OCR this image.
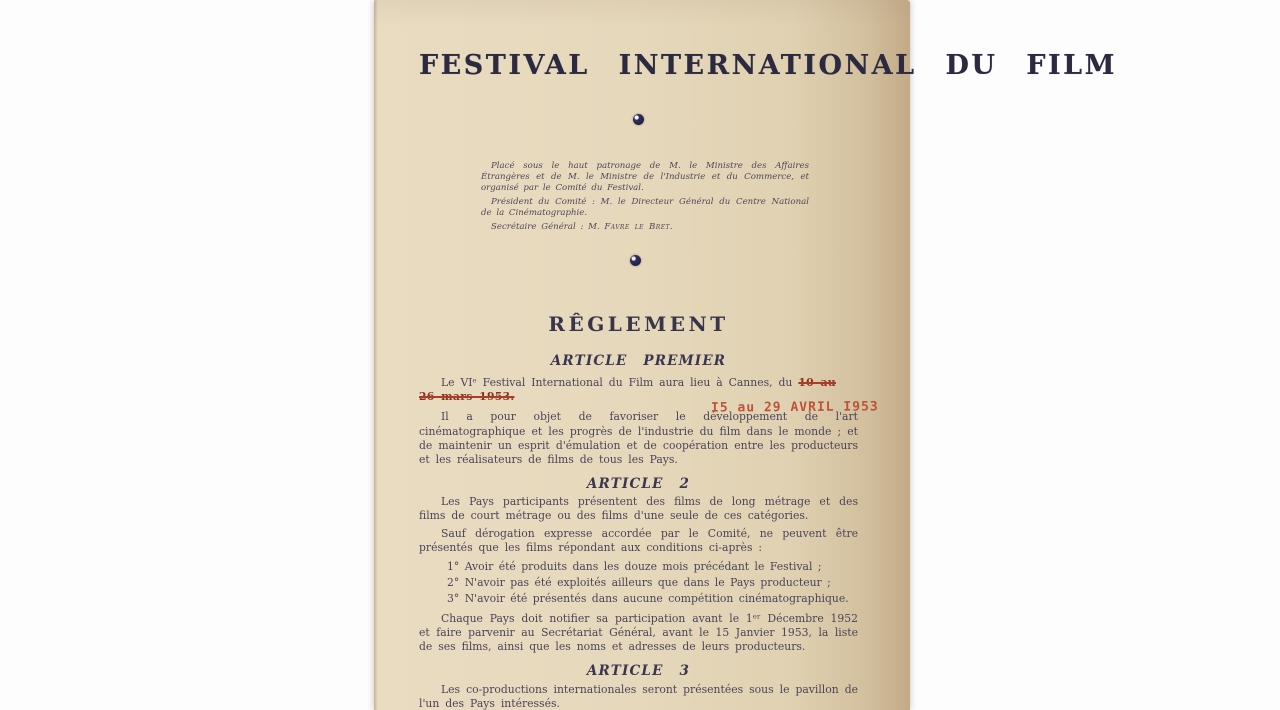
FESTIVAL INTERNATIONAL DU FILM

Placé sous le haut patronage de M. le Ministre des Affaires Étrangères et de M. le Ministre de l'Industrie et du Commerce, et organisé par le Comité du Festival.

Président du Comité : M. le Directeur Général du Centre National de la Cinématographie.

Secrétaire Général : M. Favre le Bret.

RÊGLEMENT
ARTICLE PREMIER

Le VIᵉ Festival International du Film aura lieu à Cannes, du 10 au 26 mars 1953.

Il a pour objet de favoriser le développement de l'art cinématographique et les progrès de l'industrie du film dans le monde ; et de maintenir un esprit d'émulation et de coopération entre les producteurs et les réalisateurs de films de tous les Pays.

ARTICLE 2

Les Pays participants présentent des films de long métrage et des films de court métrage ou des films d'une seule de ces catégories.

Sauf dérogation expresse accordée par le Comité, ne peuvent être présentés que les films répondant aux conditions ci-après :

1° Avoir été produits dans les douze mois précédant le Festival ;
2° N'avoir pas été exploités ailleurs que dans le Pays producteur ;
3° N'avoir été présentés dans aucune compétition cinématographique.

Chaque Pays doit notifier sa participation avant le 1ᵉʳ Décembre 1952 et faire parvenir au Secrétariat Général, avant le 15 Janvier 1953, la liste de ses films, ainsi que les noms et adresses de leurs producteurs.

ARTICLE 3

Les co-productions internationales seront présentées sous le pavillon de l'un des Pays intéressés.

I5 au 29 AVRIL I953
